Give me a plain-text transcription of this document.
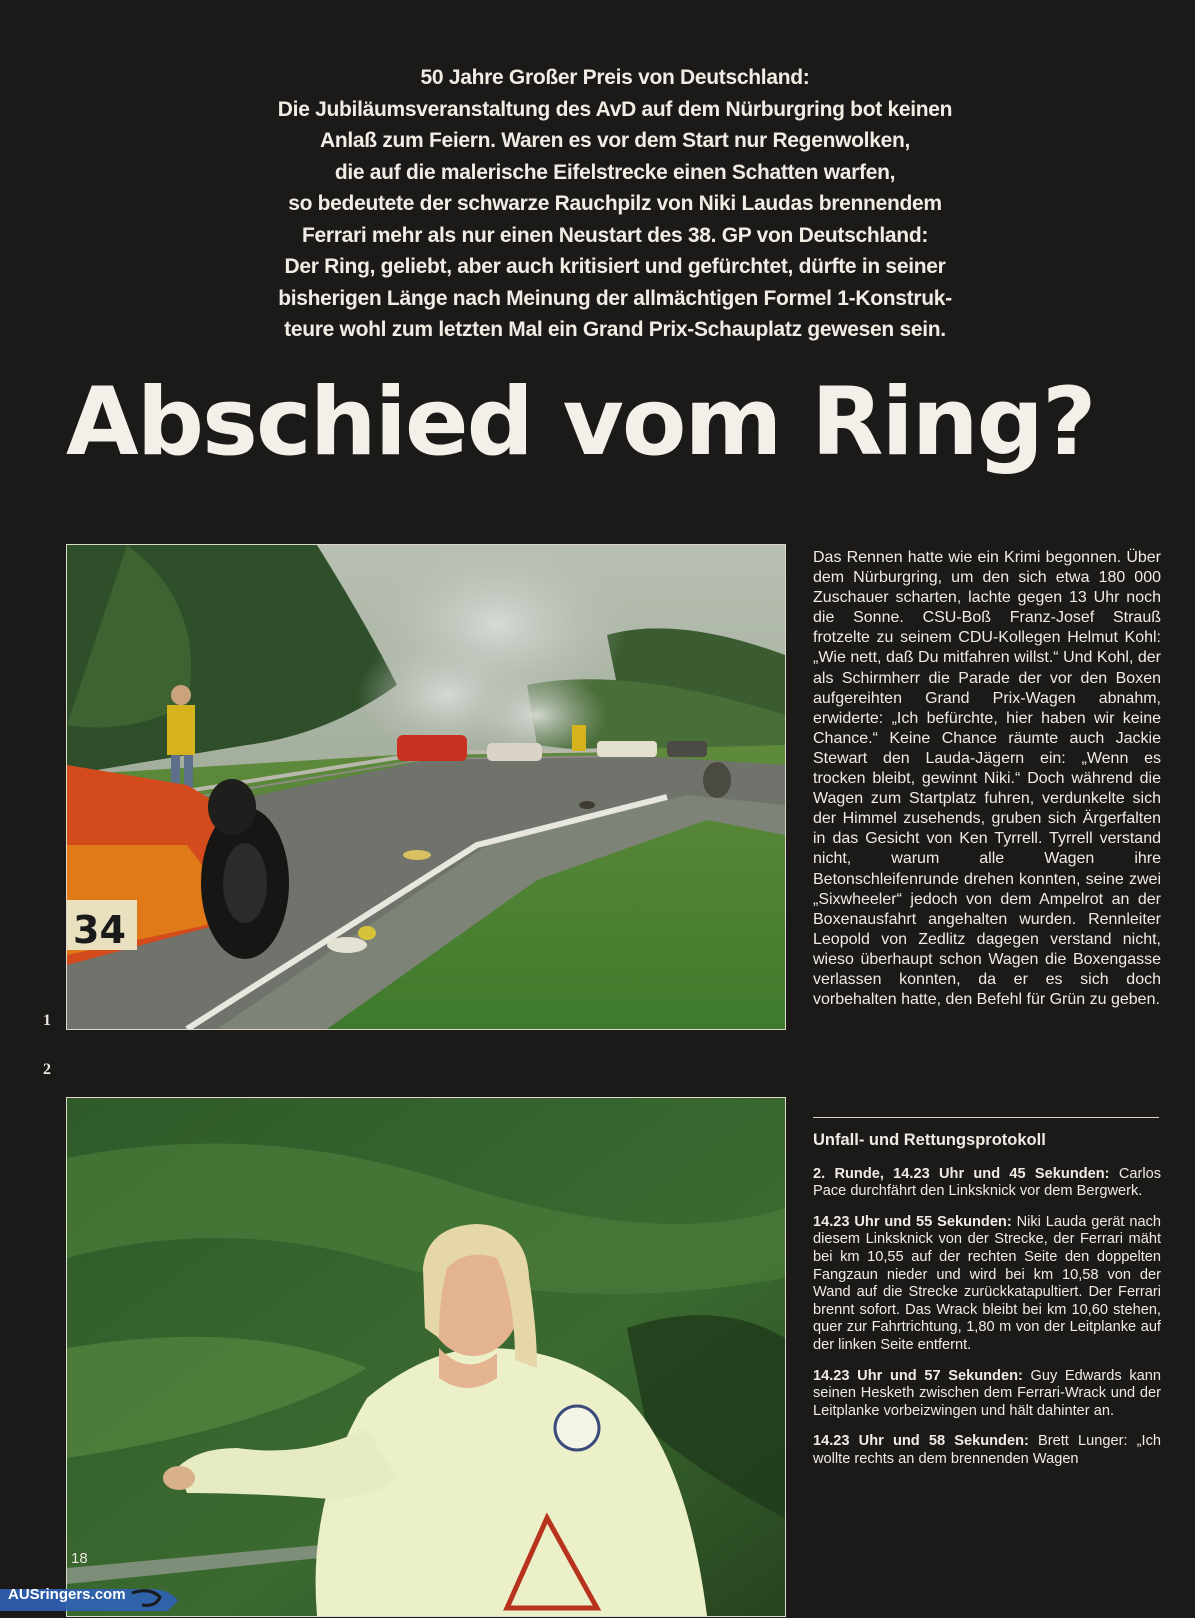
50 Jahre Großer Preis von Deutschland:
Die Jubiläumsveranstaltung des AvD auf dem Nürburgring bot keinen
Anlaß zum Feiern. Waren es vor dem Start nur Regenwolken,
die auf die malerische Eifelstrecke einen Schatten warfen,
so bedeutete der schwarze Rauchpilz von Niki Laudas brennendem
Ferrari mehr als nur einen Neustart des 38. GP von Deutschland:
Der Ring, geliebt, aber auch kritisiert und gefürchtet, dürfte in seiner
bisherigen Länge nach Meinung der allmächtigen Formel 1-Konstruk-
teure wohl zum letzten Mal ein Grand Prix-Schauplatz gewesen sein.
Abschied vom Ring?
34
1
2

Das Rennen hatte wie ein Krimi begonnen. Über dem Nürburgring, um den sich etwa 180 000 Zuschauer scharten, lachte gegen 13 Uhr noch die Sonne. CSU-Boß Franz-Josef Strauß frotzelte zu seinem CDU-Kollegen Helmut Kohl: „Wie nett, daß Du mitfahren willst.“ Und Kohl, der als Schirmherr die Parade der vor den Boxen aufgereihten Grand Prix-Wagen abnahm, erwiderte: „Ich befürchte, hier haben wir keine Chance.“ Keine Chance räumte auch Jackie Stewart den Lauda-Jägern ein: „Wenn es trocken bleibt, gewinnt Niki.“ Doch während die Wagen zum Startplatz fuhren, verdunkelte sich der Himmel zusehends, gruben sich Ärgerfalten in das Gesicht von Ken Tyrrell. Tyrrell verstand nicht, warum alle Wagen ihre Betonschleifenrunde drehen konnten, seine zwei „Sixwheeler“ jedoch von dem Ampelrot an der Boxenausfahrt angehalten wurden. Rennleiter Leopold von Zedlitz dagegen verstand nicht, wieso überhaupt schon Wagen die Boxengasse verlassen konnten, da er es sich doch vorbehalten hatte, den Befehl für Grün zu geben.

Unfall- und Rettungsprotokoll

2. Runde, 14.23 Uhr und 45 Sekunden: Carlos Pace durchfährt den Linksknick vor dem Bergwerk.

14.23 Uhr und 55 Sekunden: Niki Lauda gerät nach diesem Linksknick von der Strecke, der Ferrari mäht bei km 10,55 auf der rechten Seite den doppelten Fangzaun nieder und wird bei km 10,58 von der Wand auf die Strecke zurückkatapultiert. Der Ferrari brennt sofort. Das Wrack bleibt bei km 10,60 stehen, quer zur Fahrtrichtung, 1,80 m von der Leitplanke auf der linken Seite entfernt.

14.23 Uhr und 57 Sekunden: Guy Edwards kann seinen Hesketh zwischen dem Ferrari-Wrack und der Leitplanke vorbeizwingen und hält dahinter an.

14.23 Uhr und 58 Sekunden: Brett Lunger: „Ich wollte rechts an dem brennenden Wagen

18
AUSringers.com
